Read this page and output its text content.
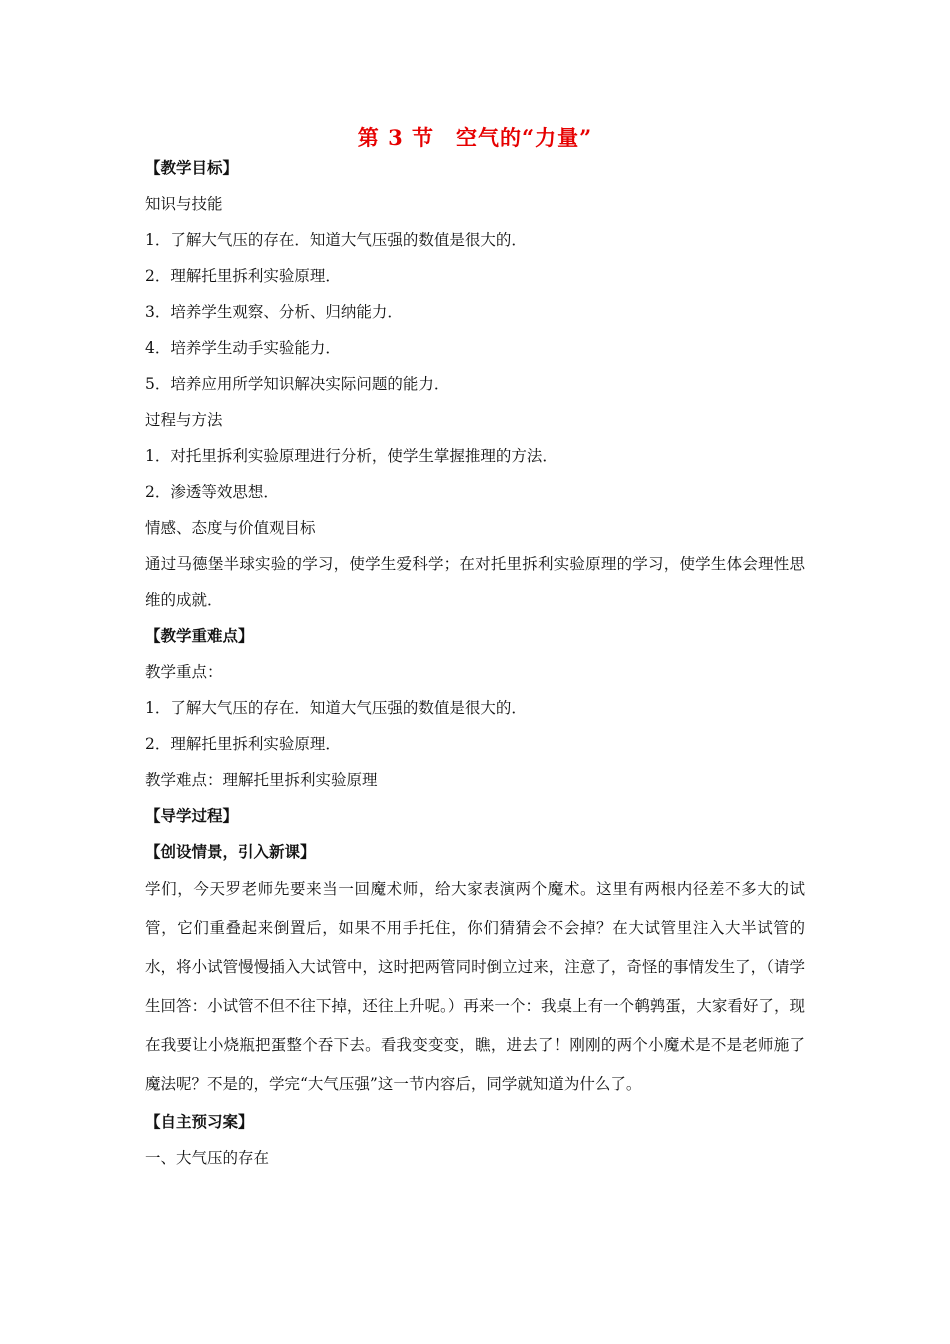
第 3 节　空气的“力量”
【教学目标】
知识与技能
1．了解大气压的存在．知道大气压强的数值是很大的．
2．理解托里拆利实验原理．
3．培养学生观察、分析、归纳能力．
4．培养学生动手实验能力．
5．培养应用所学知识解决实际问题的能力．
过程与方法
1．对托里拆利实验原理进行分析，使学生掌握推理的方法．
2．渗透等效思想．
情感、态度与价值观目标

通过马德堡半球实验的学习，使学生爱科学；在对托里拆利实验原理的学习，使学生体会理性思维的成就．

【教学重难点】
教学重点：
1．了解大气压的存在．知道大气压强的数值是很大的．
2．理解托里拆利实验原理．
教学难点：理解托里拆利实验原理
【导学过程】
【创设情景，引入新课】

学们，今天罗老师先要来当一回魔术师，给大家表演两个魔术。这里有两根内径差不多大的试管，它们重叠起来倒置后，如果不用手托住，你们猜猜会不会掉？在大试管里注入大半试管的水，将小试管慢慢插入大试管中，这时把两管同时倒立过来，注意了，奇怪的事情发生了，（请学生回答：小试管不但不往下掉，还往上升呢。）再来一个：我桌上有一个鹌鹑蛋，大家看好了，现在我要让小烧瓶把蛋整个吞下去。看我变变变，瞧，进去了！刚刚的两个小魔术是不是老师施了魔法呢？不是的，学完“大气压强”这一节内容后，同学就知道为什么了。

【自主预习案】
一、大气压的存在
